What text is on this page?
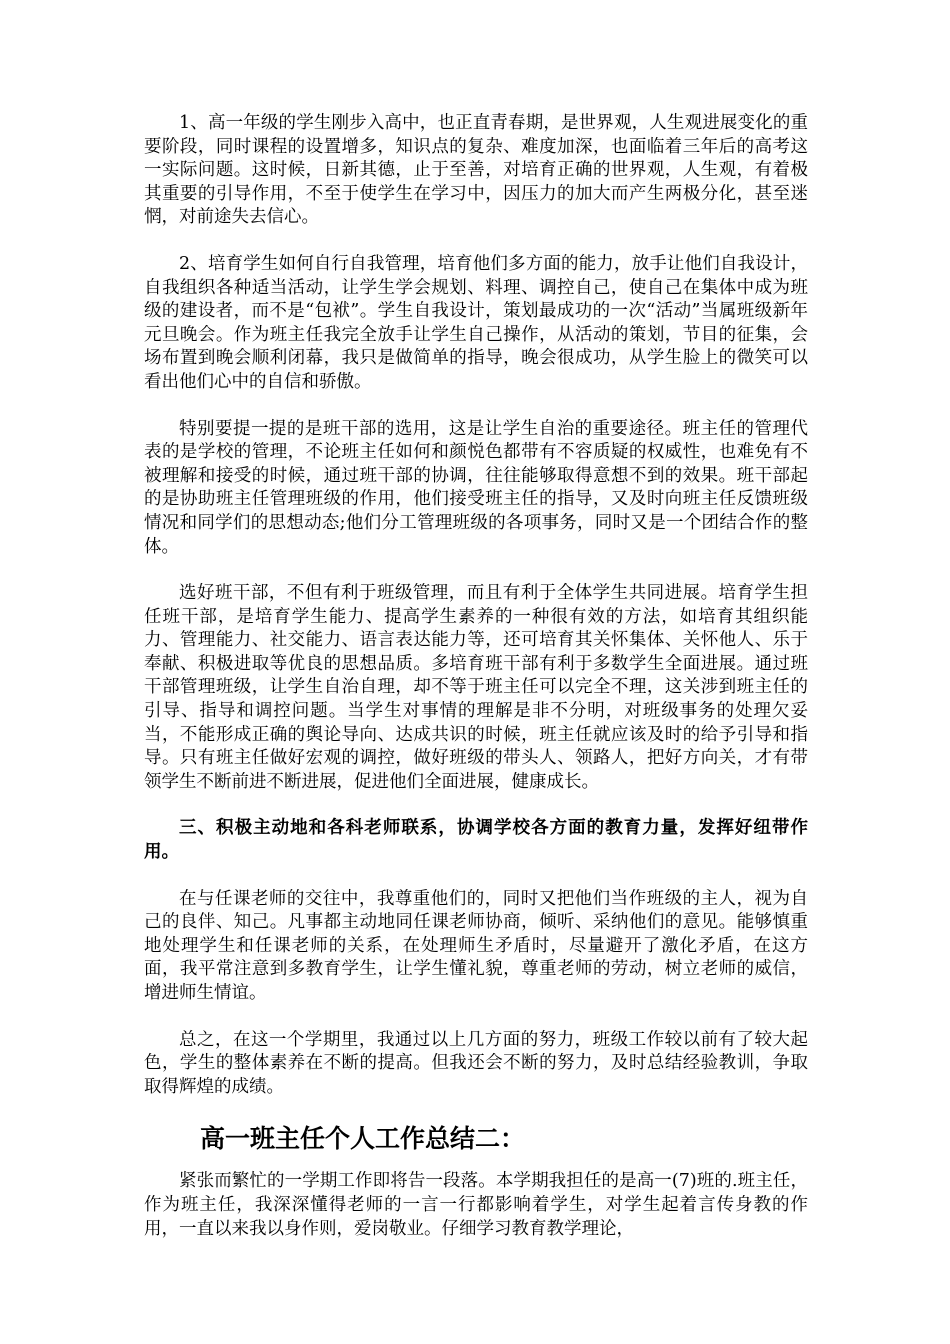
1、高一年级的学生刚步入高中，也正直青春期，是世界观，人生观进展变化的重要阶段，同时课程的设置增多，知识点的复杂、难度加深，也面临着三年后的高考这一实际问题。这时候，日新其德，止于至善，对培育正确的世界观，人生观，有着极其重要的引导作用，不至于使学生在学习中，因压力的加大而产生两极分化，甚至迷惘，对前途失去信心。

2、培育学生如何自行自我管理，培育他们多方面的能力，放手让他们自我设计，自我组织各种适当活动，让学生学会规划、料理、调控自己，使自己在集体中成为班级的建设者，而不是“包袱”。学生自我设计，策划最成功的一次“活动”当属班级新年元旦晚会。作为班主任我完全放手让学生自己操作，从活动的策划，节目的征集，会场布置到晚会顺利闭幕，我只是做简单的指导，晚会很成功，从学生脸上的微笑可以看出他们心中的自信和骄傲。

特别要提一提的是班干部的选用，这是让学生自治的重要途径。班主任的管理代表的是学校的管理，不论班主任如何和颜悦色都带有不容质疑的权威性，也难免有不被理解和接受的时候，通过班干部的协调，往往能够取得意想不到的效果。班干部起的是协助班主任管理班级的作用，他们接受班主任的指导，又及时向班主任反馈班级情况和同学们的思想动态;他们分工管理班级的各项事务，同时又是一个团结合作的整体。

选好班干部，不但有利于班级管理，而且有利于全体学生共同进展。培育学生担任班干部，是培育学生能力、提高学生素养的一种很有效的方法，如培育其组织能力、管理能力、社交能力、语言表达能力等，还可培育其关怀集体、关怀他人、乐于奉献、积极进取等优良的思想品质。多培育班干部有利于多数学生全面进展。通过班干部管理班级，让学生自治自理，却不等于班主任可以完全不理，这关涉到班主任的引导、指导和调控问题。当学生对事情的理解是非不分明，对班级事务的处理欠妥当，不能形成正确的舆论导向、达成共识的时候，班主任就应该及时的给予引导和指导。只有班主任做好宏观的调控，做好班级的带头人、领路人，把好方向关，才有带领学生不断前进不断进展，促进他们全面进展，健康成长。

三、积极主动地和各科老师联系，协调学校各方面的教育力量，发挥好纽带作用。

在与任课老师的交往中，我尊重他们的，同时又把他们当作班级的主人，视为自己的良伴、知己。凡事都主动地同任课老师协商，倾听、采纳他们的意见。能够慎重地处理学生和任课老师的关系，在处理师生矛盾时，尽量避开了激化矛盾，在这方面，我平常注意到多教育学生，让学生懂礼貌，尊重老师的劳动，树立老师的威信，增进师生情谊。

总之，在这一个学期里，我通过以上几方面的努力，班级工作较以前有了较大起色，学生的整体素养在不断的提高。但我还会不断的努力，及时总结经验教训，争取取得辉煌的成绩。

高一班主任个人工作总结二：

紧张而繁忙的一学期工作即将告一段落。本学期我担任的是高一(7)班的.班主任，作为班主任，我深深懂得老师的一言一行都影响着学生，对学生起着言传身教的作用，一直以来我以身作则，爱岗敬业。仔细学习教育教学理论，
